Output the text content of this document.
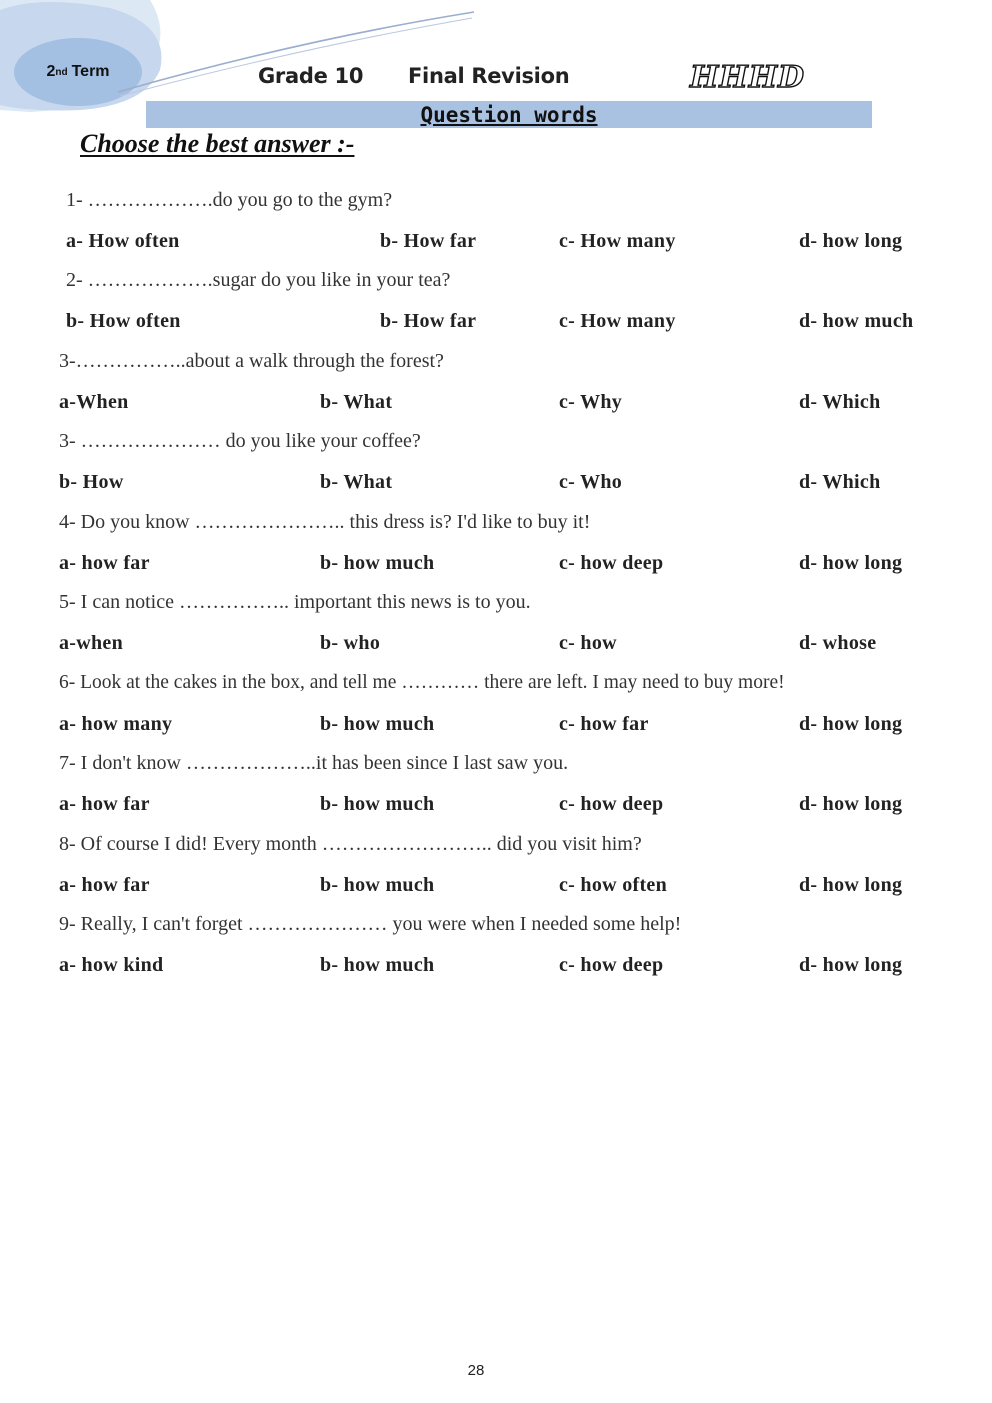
2 nd Term	Grade 10 Final Revision	HHHD
Question words
Choose the best answer :-
1- ……………….do you go to the gym?
a- How often	b- How far	c- How many	d- how long
2- ……………….sugar do you like in your tea?
b- How often	b- How far	c- How many	d- how much
3-……………..about a walk through the forest?
a-When	b- What	c- Why	d- Which
3- ………………… do you like your coffee?
b- How	b- What	c- Who	d- Which
4- Do you know ………………….. this dress is? I'd like to buy it!
a- how far	b- how much	c- how deep	d- how long
5- I can notice …………….. important this news is to you.
a-when	b- who	c- how	d- whose
6- Look at the cakes in the box, and tell me ………… there are left. I may need to buy more!
a- how many	b- how much	c- how far	d- how long
7- I don't know ………………..it has been since I last saw you.
a- how far	b- how much	c- how deep	d- how long
8- Of course I did! Every month …………………….. did you visit him?
a- how far	b- how much	c- how often	d- how long
9- Really, I can't forget ………………… you were when I needed some help!
a- how kind	b- how much	c- how deep	d- how long
28
